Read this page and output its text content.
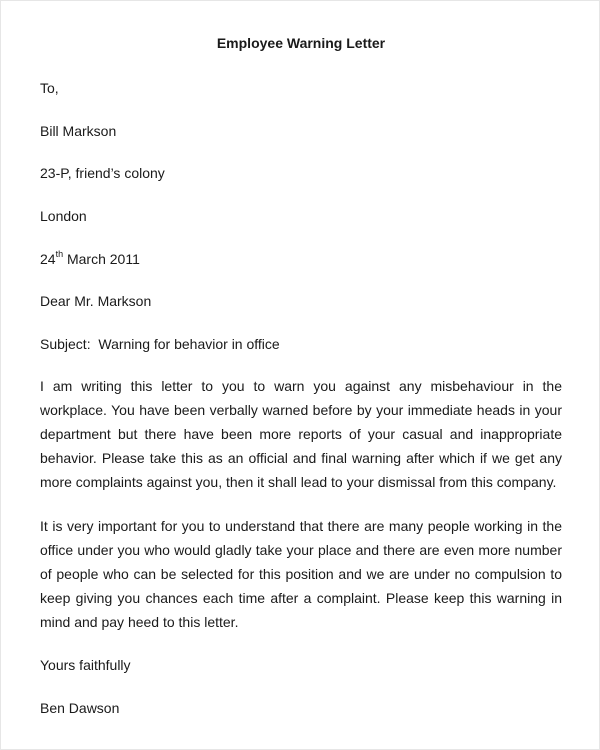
Employee Warning Letter
To,
Bill Markson
23-P, friend’s colony
London
24th March 2011
Dear Mr. Markson
Subject: Warning for behavior in office
I am writing this letter to you to warn you against any misbehaviour in the
workplace. You have been verbally warned before by your immediate heads in your
department but there have been more reports of your casual and inappropriate
behavior. Please take this as an official and final warning after which if we get any
more complaints against you, then it shall lead to your dismissal from this company.
It is very important for you to understand that there are many people working in the
office under you who would gladly take your place and there are even more number
of people who can be selected for this position and we are under no compulsion to
keep giving you chances each time after a complaint. Please keep this warning in
mind and pay heed to this letter.
Yours faithfully
Ben Dawson
